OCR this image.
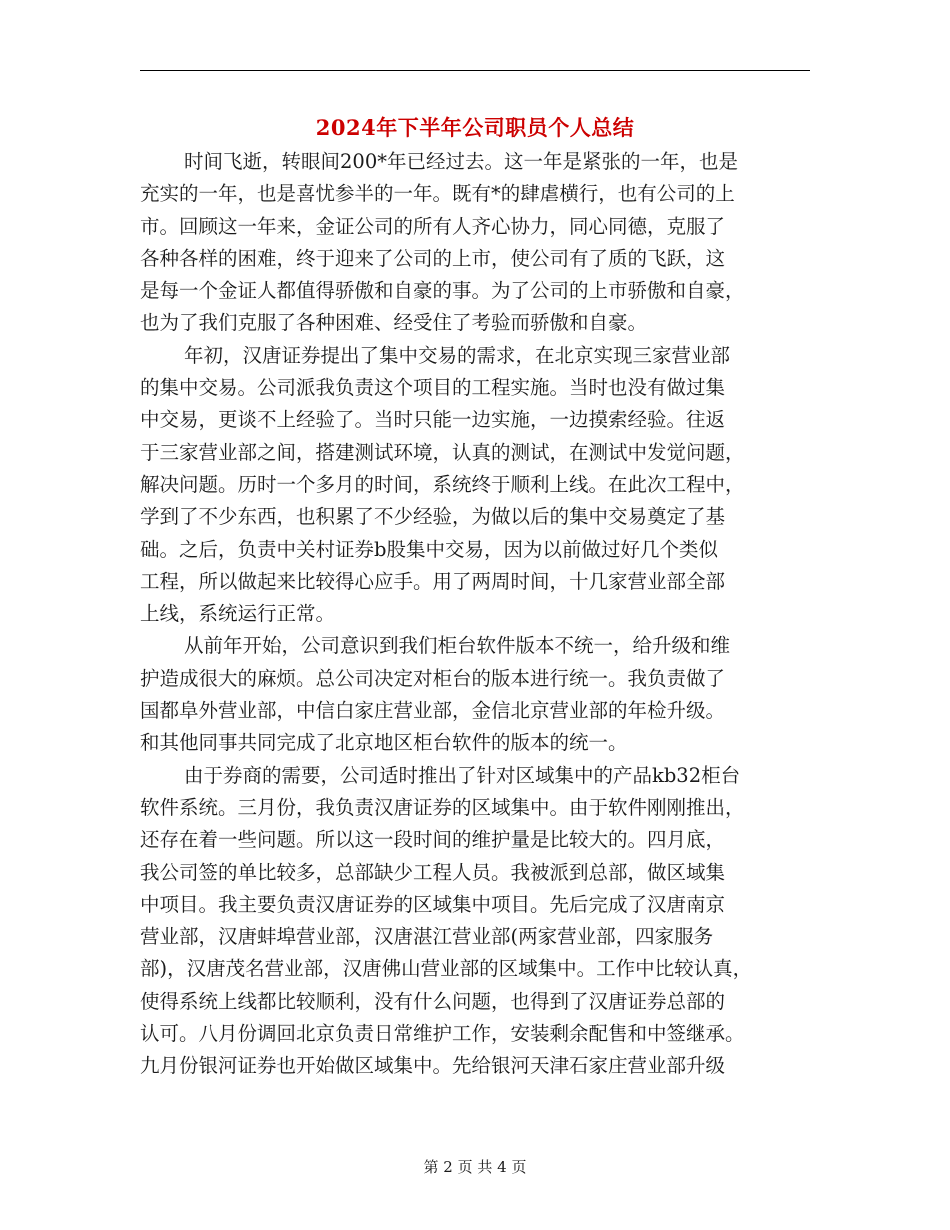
2024年下半年公司职员个人总结
时间飞逝，转眼间200*年已经过去。这一年是紧张的一年，也是
充实的一年，也是喜忧参半的一年。既有*的肆虐横行，也有公司的上
市。回顾这一年来，金证公司的所有人齐心协力，同心同德，克服了
各种各样的困难，终于迎来了公司的上市，使公司有了质的飞跃，这
是每一个金证人都值得骄傲和自豪的事。为了公司的上市骄傲和自豪，
也为了我们克服了各种困难、经受住了考验而骄傲和自豪。
年初，汉唐证券提出了集中交易的需求，在北京实现三家营业部
的集中交易。公司派我负责这个项目的工程实施。当时也没有做过集
中交易，更谈不上经验了。当时只能一边实施，一边摸索经验。往返
于三家营业部之间，搭建测试环境，认真的测试，在测试中发觉问题，
解决问题。历时一个多月的时间，系统终于顺利上线。在此次工程中，
学到了不少东西，也积累了不少经验，为做以后的集中交易奠定了基
础。之后，负责中关村证券b股集中交易，因为以前做过好几个类似
工程，所以做起来比较得心应手。用了两周时间，十几家营业部全部
上线，系统运行正常。
从前年开始，公司意识到我们柜台软件版本不统一，给升级和维
护造成很大的麻烦。总公司决定对柜台的版本进行统一。我负责做了
国都阜外营业部，中信白家庄营业部，金信北京营业部的年检升级。
和其他同事共同完成了北京地区柜台软件的版本的统一。
由于券商的需要，公司适时推出了针对区域集中的产品kb32柜台
软件系统。三月份，我负责汉唐证券的区域集中。由于软件刚刚推出，
还存在着一些问题。所以这一段时间的维护量是比较大的。四月底，
我公司签的单比较多，总部缺少工程人员。我被派到总部，做区域集
中项目。我主要负责汉唐证券的区域集中项目。先后完成了汉唐南京
营业部，汉唐蚌埠营业部，汉唐湛江营业部(两家营业部，四家服务
部)，汉唐茂名营业部，汉唐佛山营业部的区域集中。工作中比较认真，
使得系统上线都比较顺利，没有什么问题，也得到了汉唐证券总部的
认可。八月份调回北京负责日常维护工作，安装剩余配售和中签继承。
九月份银河证券也开始做区域集中。先给银河天津石家庄营业部升级
第 2 页 共 4 页
